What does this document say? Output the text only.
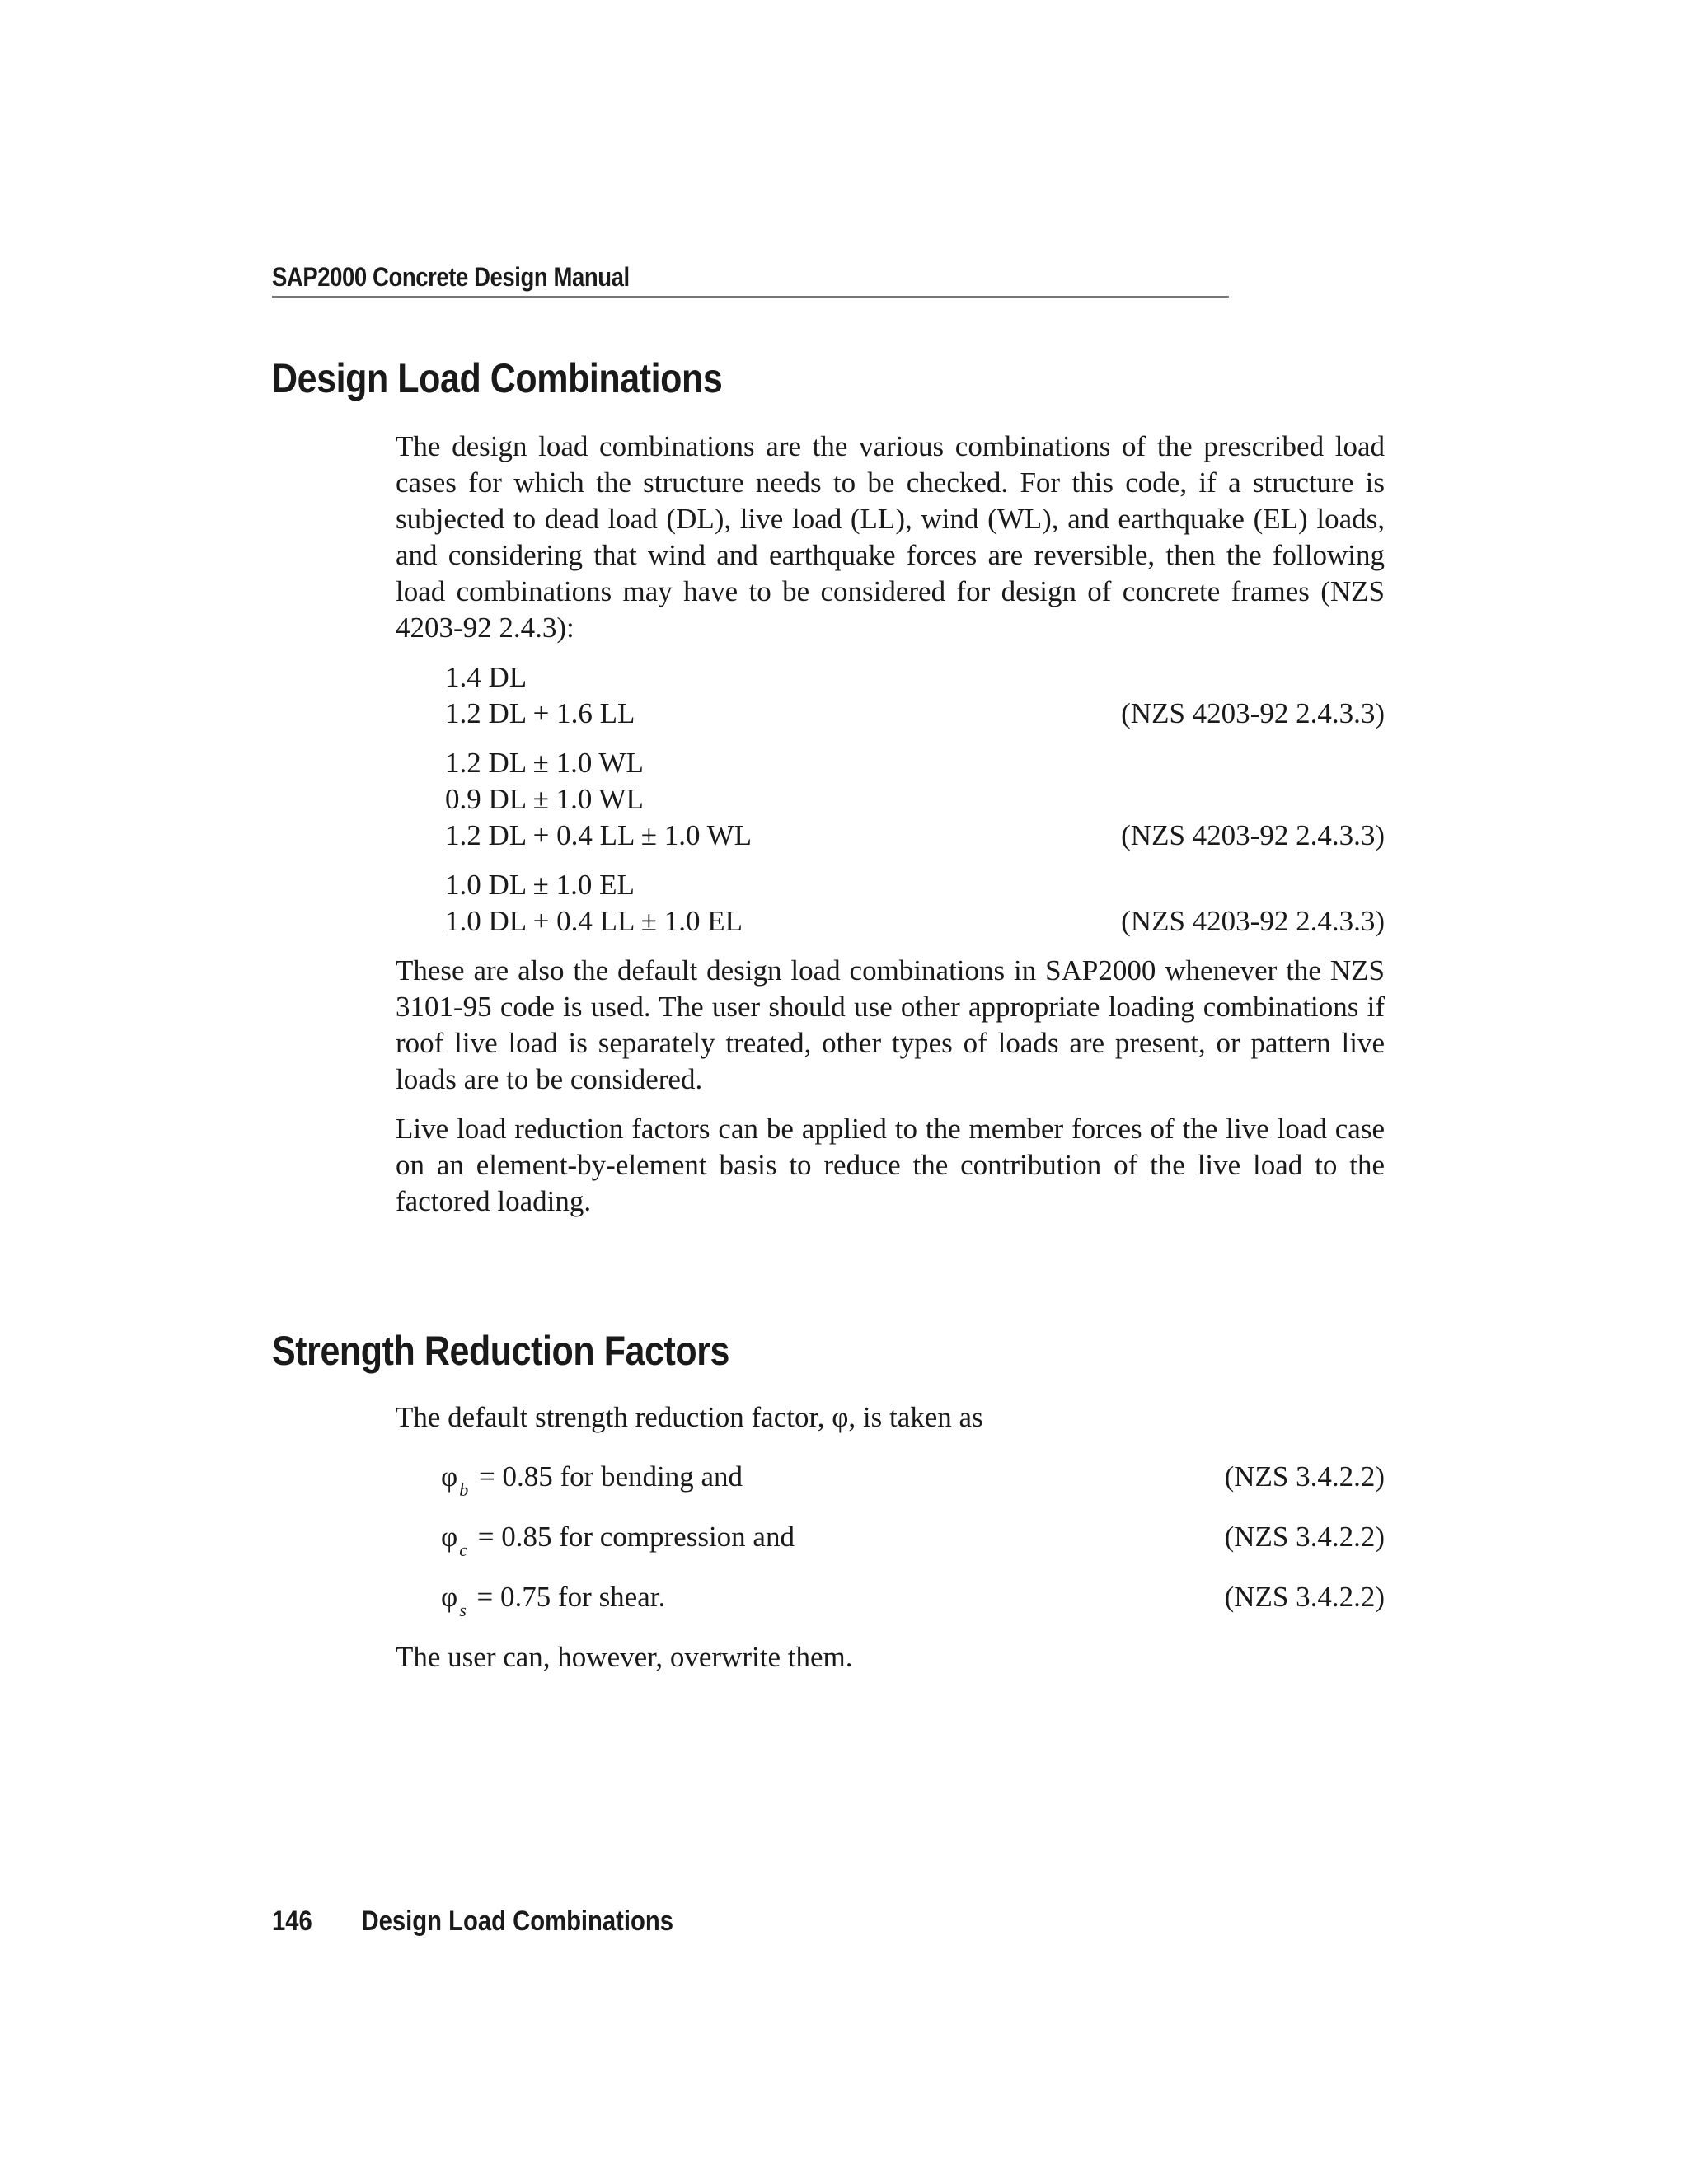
SAP2000 Concrete Design Manual
Design Load Combinations

The design load combinations are the various combinations of the prescribed load cases for which the structure needs to be checked. For this code, if a structure is subjected to dead load (DL), live load (LL), wind (WL), and earthquake (EL) loads, and considering that wind and earthquake forces are reversible, then the following load combinations may have to be considered for design of concrete frames (NZS 4203-92 2.4.3):

1.4 DL
1.2 DL + 1.6 LL	(NZS 4203-92 2.4.3.3)
1.2 DL ± 1.0 WL
0.9 DL ± 1.0 WL
1.2 DL + 0.4 LL ± 1.0 WL	(NZS 4203-92 2.4.3.3)
1.0 DL ± 1.0 EL
1.0 DL + 0.4 LL ± 1.0 EL	(NZS 4203-92 2.4.3.3)

These are also the default design load combinations in SAP2000 whenever the NZS 3101-95 code is used. The user should use other appropriate loading combinations if roof live load is separately treated, other types of loads are present, or pattern live loads are to be considered.

Live load reduction factors can be applied to the member forces of the live load case on an element-by-element basis to reduce the contribution of the live load to the factored loading.

Strength Reduction Factors

The default strength reduction factor, φ, is taken as

$\varphi_b = 0.85$ for bending and	(NZS 3.4.2.2)
$\varphi_c = 0.85$ for compression and	(NZS 3.4.2.2)
$\varphi_s = 0.75$ for shear.	(NZS 3.4.2.2)

The user can, however, overwrite them.

146 Design Load Combinations
